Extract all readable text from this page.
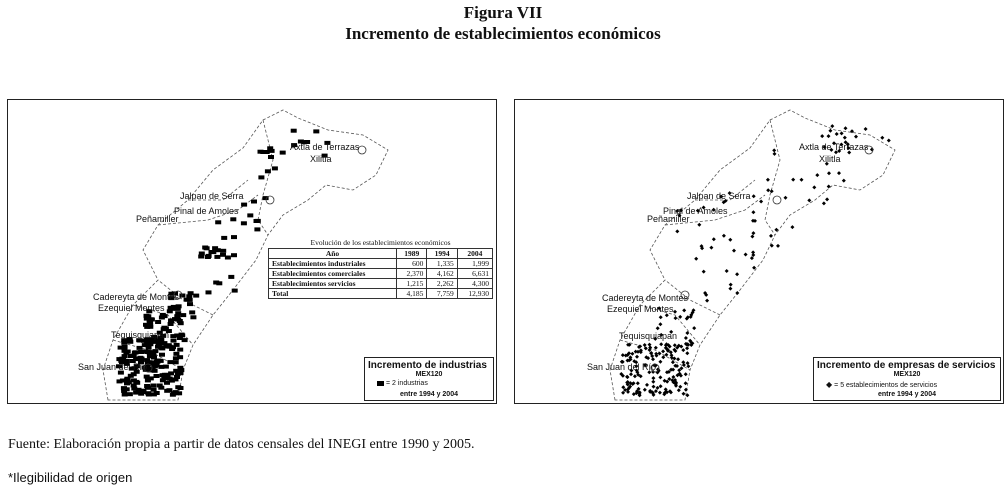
Figura VII
Incremento de establecimientos económicos
Axtla de Terrazas
Xilitla
Jalpan de Serra
Pinal de Amoles
Peñamiller
Cadereyta de Montes
Ezequiel Montes
Tequisquiapan
San Juan del Río
Evolución de los establecimientos económicos
Año	1989	1994	2004
Establecimientos industriales	600	1,335	1,999
Establecimientos comerciales	2,370	4,162	6,631
Establecimientos servicios	1,215	2,262	4,300
Total	4,185	7,759	12,930
Incremento de industrias
MEX120
= 2 industrias
entre 1994 y 2004
Axtla de Terrazas
Xilitla
Jalpan de Serra
Pinal de Amoles
Peñamiller
Cadereyta de Montes
Ezequiel Montes
Tequisquiapan
San Juan del Río	Incremento de empresas de servicios
MEX120
◆ = 5 establecimientos de servicios
entre 1994 y 2004
Fuente: Elaboración propia a partir de datos censales del INEGI entre 1990 y 2005.
*Ilegibilidad de origen
